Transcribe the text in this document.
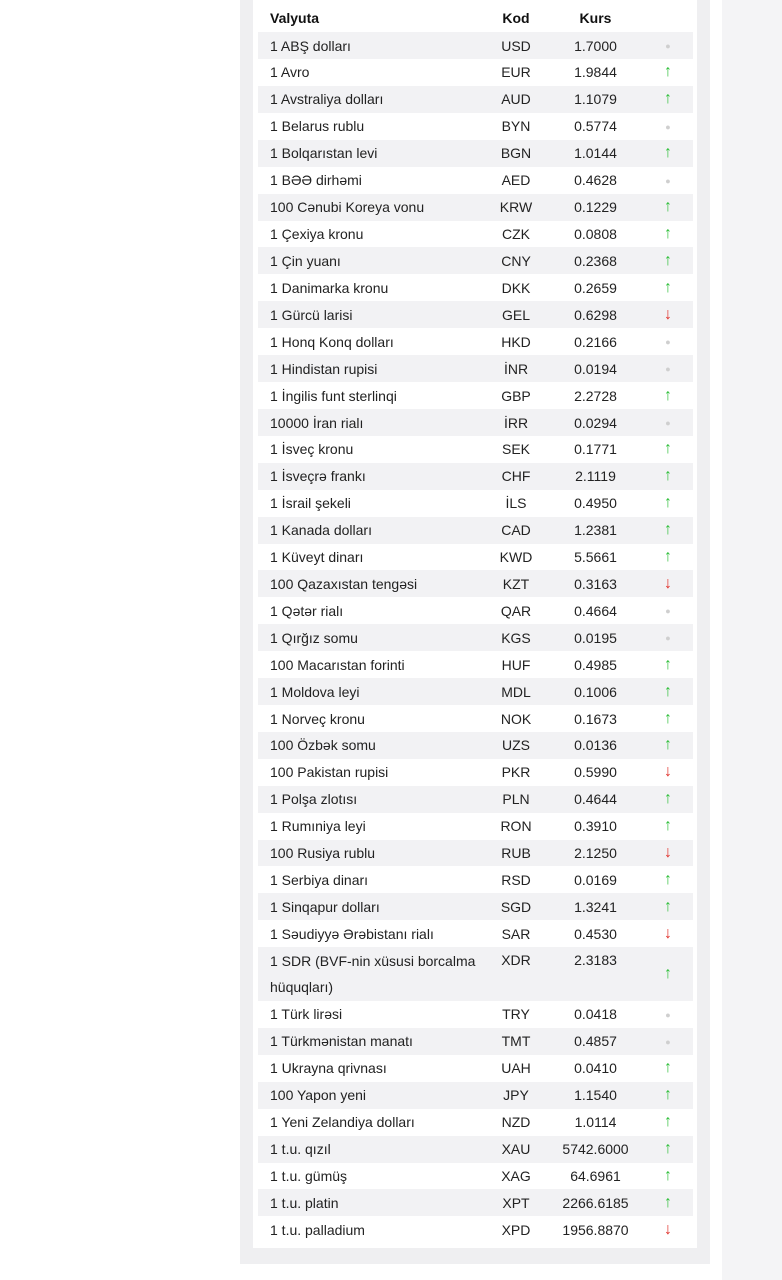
Valyuta	Kod	Kurs	
1 ABŞ dolları	USD	1.7000	●
1 Avro	EUR	1.9844	↑
1 Avstraliya dolları	AUD	1.1079	↑
1 Belarus rublu	BYN	0.5774	●
1 Bolqarıstan levi	BGN	1.0144	↑
1 BƏƏ dirhəmi	AED	0.4628	●
100 Cənubi Koreya vonu	KRW	0.1229	↑
1 Çexiya kronu	CZK	0.0808	↑
1 Çin yuanı	CNY	0.2368	↑
1 Danimarka kronu	DKK	0.2659	↑
1 Gürcü larisi	GEL	0.6298	↓
1 Honq Konq dolları	HKD	0.2166	●
1 Hindistan rupisi	İNR	0.0194	●
1 İngilis funt sterlinqi	GBP	2.2728	↑
10000 İran rialı	İRR	0.0294	●
1 İsveç kronu	SEK	0.1771	↑
1 İsveçrə frankı	CHF	2.1119	↑
1 İsrail şekeli	İLS	0.4950	↑
1 Kanada dolları	CAD	1.2381	↑
1 Küveyt dinarı	KWD	5.5661	↑
100 Qazaxıstan tengəsi	KZT	0.3163	↓
1 Qətər rialı	QAR	0.4664	●
1 Qırğız somu	KGS	0.0195	●
100 Macarıstan forinti	HUF	0.4985	↑
1 Moldova leyi	MDL	0.1006	↑
1 Norveç kronu	NOK	0.1673	↑
100 Özbək somu	UZS	0.0136	↑
100 Pakistan rupisi	PKR	0.5990	↓
1 Polşa zlotısı	PLN	0.4644	↑
1 Rumıniya leyi	RON	0.3910	↑
100 Rusiya rublu	RUB	2.1250	↓
1 Serbiya dinarı	RSD	0.0169	↑
1 Sinqapur dolları	SGD	1.3241	↑
1 Səudiyyə Ərəbistanı rialı	SAR	0.4530	↓
1 SDR (BVF-nin xüsusi borcalma hüquqları)	XDR	2.3183	↑
1 Türk lirəsi	TRY	0.0418	●
1 Türkmənistan manatı	TMT	0.4857	●
1 Ukrayna qrivnası	UAH	0.0410	↑
100 Yapon yeni	JPY	1.1540	↑
1 Yeni Zelandiya dolları	NZD	1.0114	↑
1 t.u. qızıl	XAU	5742.6000	↑
1 t.u. gümüş	XAG	64.6961	↑
1 t.u. platin	XPT	2266.6185	↑
1 t.u. palladium	XPD	1956.8870	↓
